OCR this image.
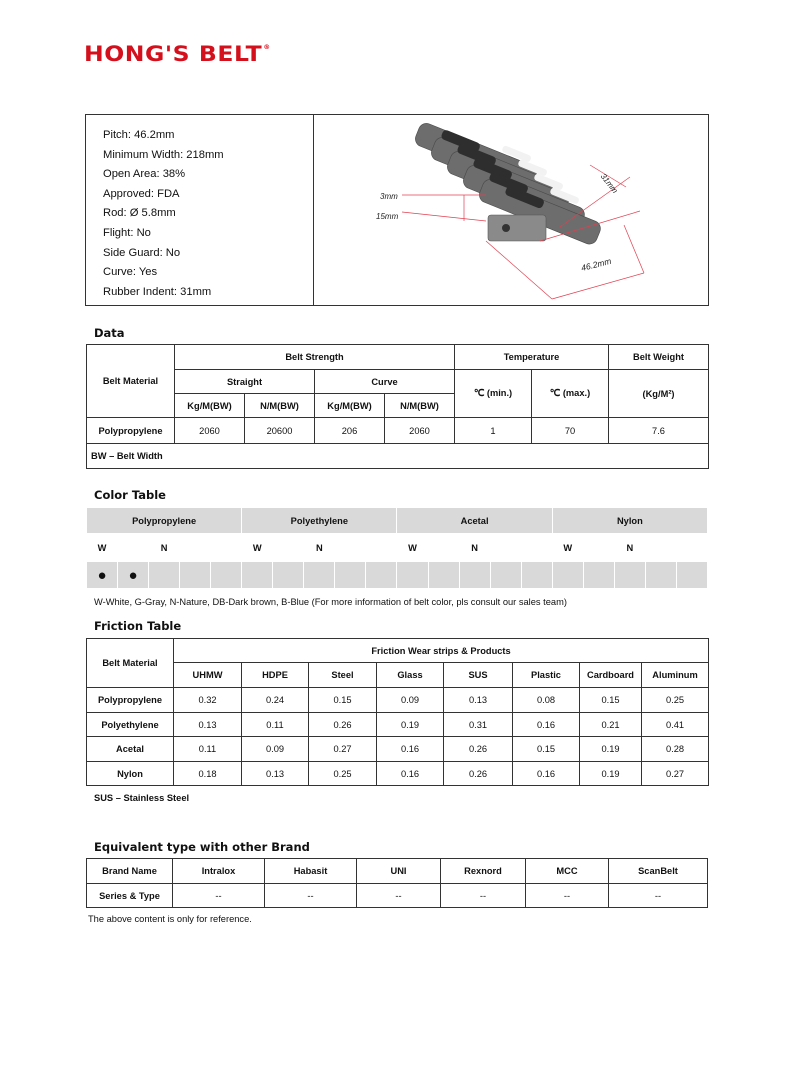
HONG'S BELT®
Pitch: 46.2mm
Minimum Width: 218mm
Open Area: 38%
Approved: FDA
Rod: Ø 5.8mm
Flight: No
Side Guard: No
Curve: Yes
Rubber Indent: 31mm
3mm
15mm
31mm
46.2mm
Data
Belt Material	Belt Strength				Temperature		Belt Weight
	Straight		Curve		℃ (min.)	℃ (max.)	(Kg/M²)
	Kg/M(BW)	N/M(BW)	Kg/M(BW)	N/M(BW)			
Polypropylene	2060	20600	206	2060	1	70	7.6
BW – Belt Width							
Color Table
Polypropylene					Polyethylene					Acetal					Nylon				
W	G	N	DB	B	W	G	N	DB	B	W	G	N	DB	B	W	G	N	DB	B
●	●																		
W-White, G-Gray, N-Nature, DB-Dark brown, B-Blue (For more information of belt color, pls consult our sales team)
Friction Table
Belt Material	Friction Wear strips & Products							
	UHMW	HDPE	Steel	Glass	SUS	Plastic	Cardboard	Aluminum
Polypropylene	0.32	0.24	0.15	0.09	0.13	0.08	0.15	0.25
Polyethylene	0.13	0.11	0.26	0.19	0.31	0.16	0.21	0.41
Acetal	0.11	0.09	0.27	0.16	0.26	0.15	0.19	0.28
Nylon	0.18	0.13	0.25	0.16	0.26	0.16	0.19	0.27
SUS – Stainless Steel
Equivalent type with other Brand
Brand Name	Intralox	Habasit	UNI	Rexnord	MCC	ScanBelt
Series & Type	--	--	--	--	--	--
The above content is only for reference.
